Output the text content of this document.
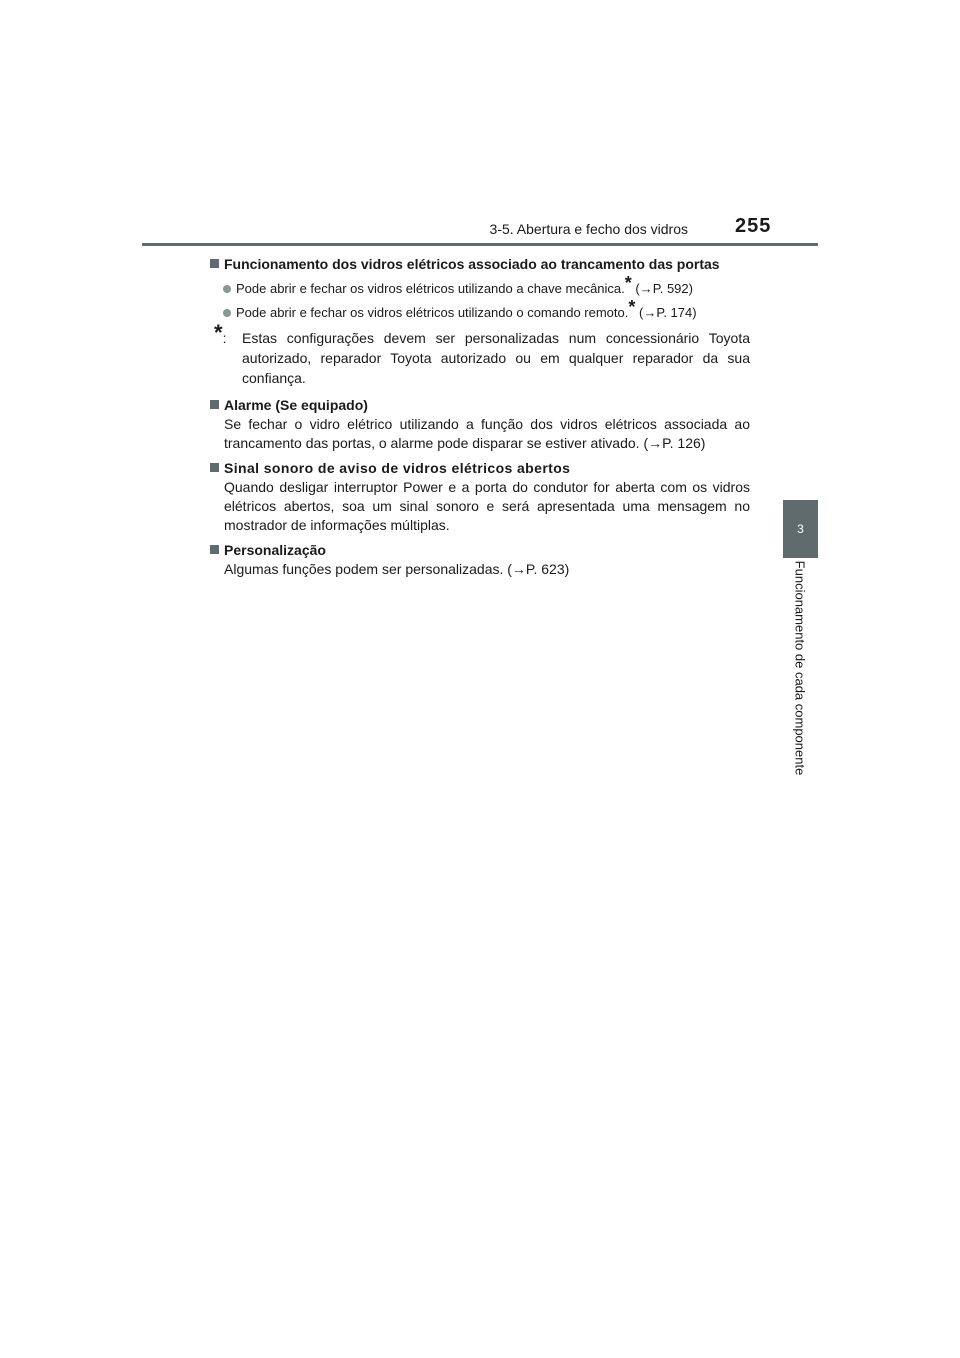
3-5. Abertura e fecho dos vidros 255
3
Funcionamento de cada componente
Funcionamento dos vidros elétricos associado ao trancamento das portas
Pode abrir e fechar os vidros elétricos utilizando a chave mecânica.* (→P. 592)
Pode abrir e fechar os vidros elétricos utilizando o comando remoto.* (→P. 174)
*:	Estas configurações devem ser personalizadas num concessionário Toyota autorizado, reparador Toyota autorizado ou em qualquer reparador da sua confiança.
Alarme (Se equipado)
Se fechar o vidro elétrico utilizando a função dos vidros elétricos associada ao trancamento das portas, o alarme pode disparar se estiver ativado. (→P. 126)
Sinal sonoro de aviso de vidros elétricos abertos
Quando desligar interruptor Power e a porta do condutor for aberta com os vidros elétricos abertos, soa um sinal sonoro e será apresentada uma mensagem no mostrador de informações múltiplas.
Personalização
Algumas funções podem ser personalizadas. (→P. 623)
